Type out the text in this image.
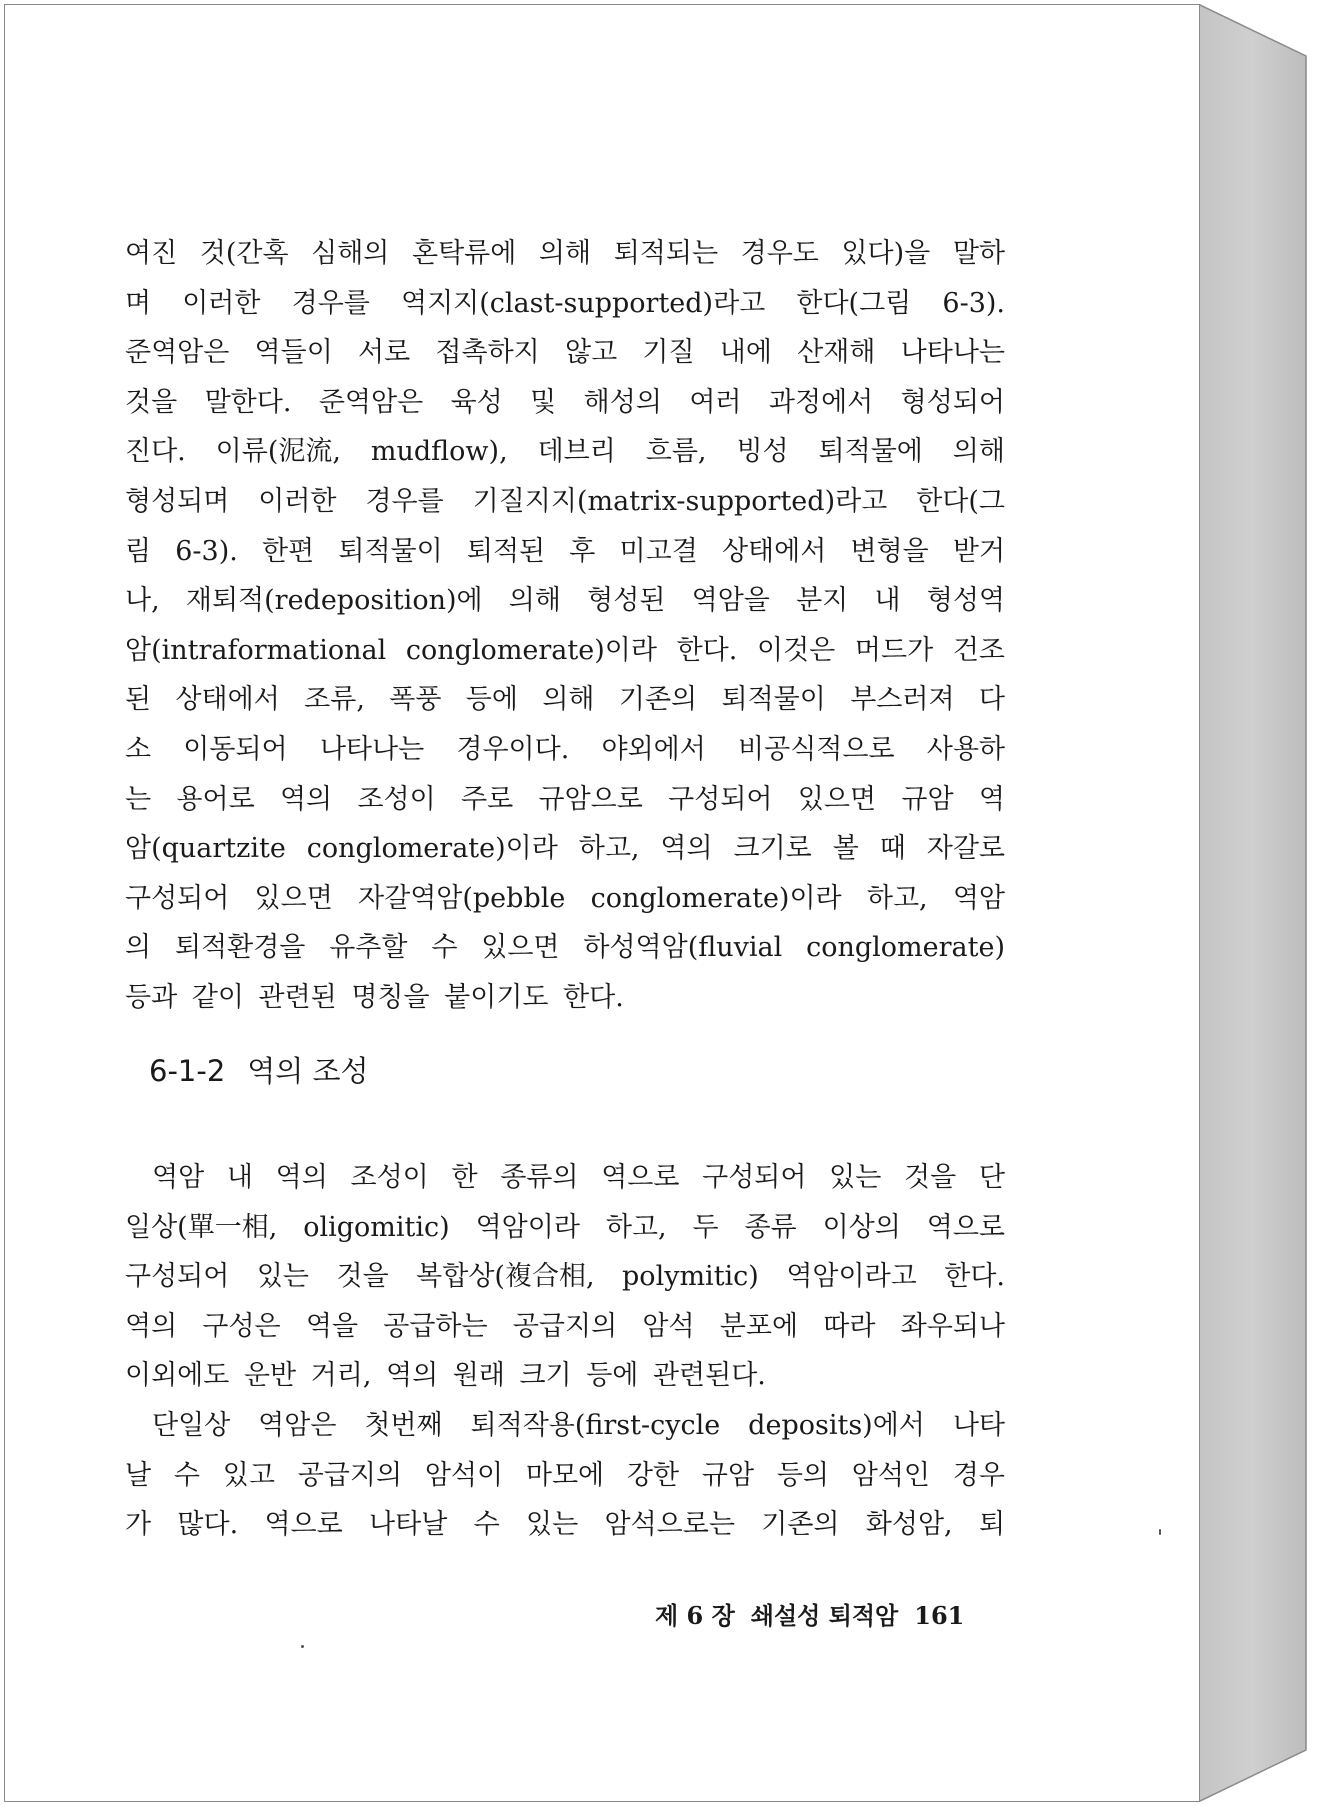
여진 것(간혹 심해의 혼탁류에 의해 퇴적되는 경우도 있다)을 말하
며 이러한 경우를 역지지(clast-supported)라고 한다(그림 6-3).
준역암은 역들이 서로 접촉하지 않고 기질 내에 산재해 나타나는
것을 말한다. 준역암은 육성 및 해성의 여러 과정에서 형성되어
진다. 이류(泥流, mudflow), 데브리 흐름, 빙성 퇴적물에 의해
형성되며 이러한 경우를 기질지지(matrix-supported)라고 한다(그
림 6-3). 한편 퇴적물이 퇴적된 후 미고결 상태에서 변형을 받거
나, 재퇴적(redeposition)에 의해 형성된 역암을 분지 내 형성역
암(intraformational conglomerate)이라 한다. 이것은 머드가 건조
된 상태에서 조류, 폭풍 등에 의해 기존의 퇴적물이 부스러져 다
소 이동되어 나타나는 경우이다. 야외에서 비공식적으로 사용하
는 용어로 역의 조성이 주로 규암으로 구성되어 있으면 규암 역
암(quartzite conglomerate)이라 하고, 역의 크기로 볼 때 자갈로
구성되어 있으면 자갈역암(pebble conglomerate)이라 하고, 역암
의 퇴적환경을 유추할 수 있으면 하성역암(fluvial conglomerate)
등과 같이 관련된 명칭을 붙이기도 한다.
6-1-2 역의 조성
역암 내 역의 조성이 한 종류의 역으로 구성되어 있는 것을 단
일상(單一相, oligomitic) 역암이라 하고, 두 종류 이상의 역으로
구성되어 있는 것을 복합상(複合相, polymitic) 역암이라고 한다.
역의 구성은 역을 공급하는 공급지의 암석 분포에 따라 좌우되나
이외에도 운반 거리, 역의 원래 크기 등에 관련된다.
단일상 역암은 첫번째 퇴적작용(first-cycle deposits)에서 나타
날 수 있고 공급지의 암석이 마모에 강한 규암 등의 암석인 경우
가 많다. 역으로 나타날 수 있는 암석으로는 기존의 화성암, 퇴
제 6 장 쇄설성 퇴적암 161
